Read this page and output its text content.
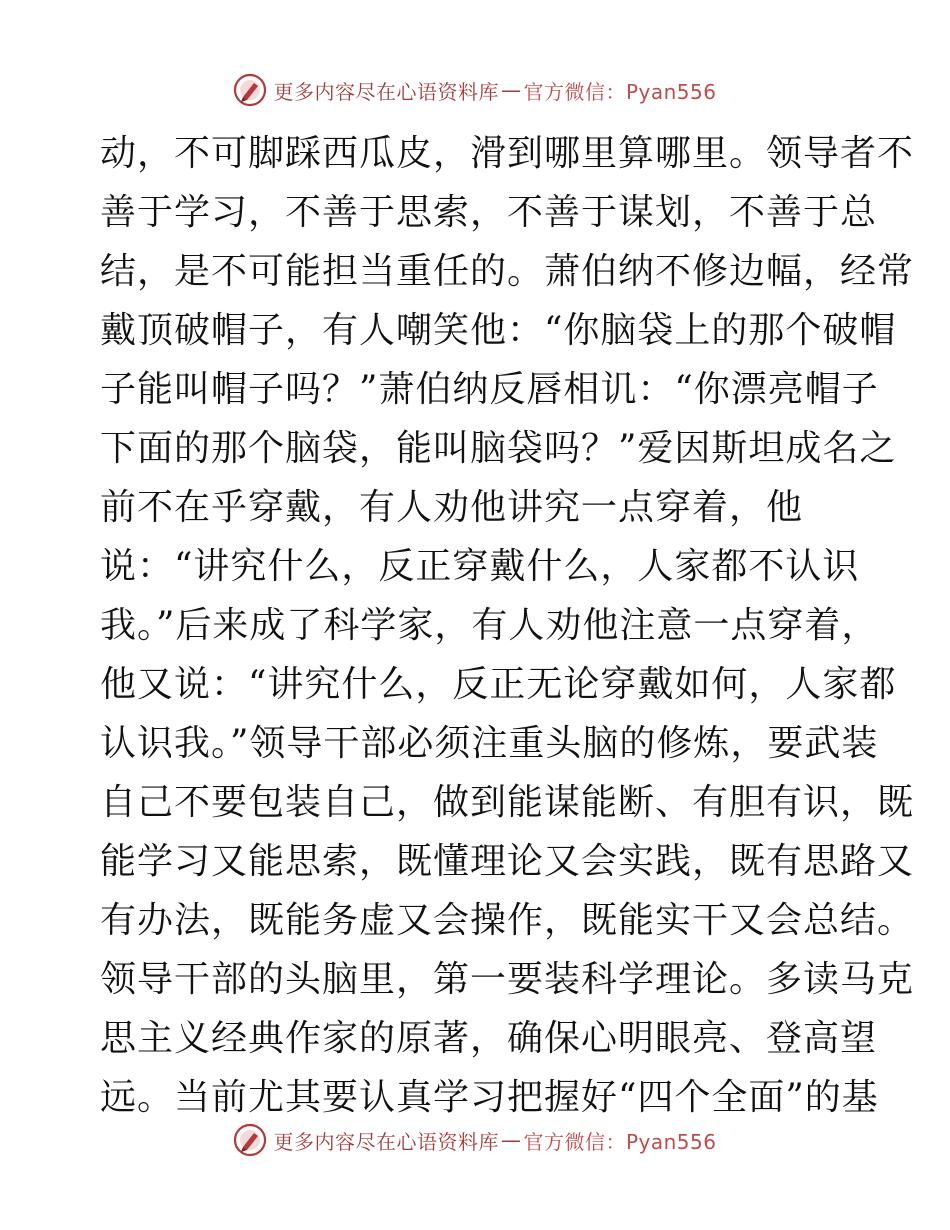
更多内容尽在心语资料库 — 官方微信：Pyan556
动，不可脚踩西瓜皮，滑到哪里算哪里。领导者不
善于学习，不善于思索，不善于谋划，不善于总
结，是不可能担当重任的。萧伯纳不修边幅，经常
戴顶破帽子，有人嘲笑他：“你脑袋上的那个破帽
子能叫帽子吗？”萧伯纳反唇相讥：“你漂亮帽子
下面的那个脑袋，能叫脑袋吗？”爱因斯坦成名之
前不在乎穿戴，有人劝他讲究一点穿着，他
说：“讲究什么，反正穿戴什么，人家都不认识
我。”后来成了科学家，有人劝他注意一点穿着，
他又说：“讲究什么，反正无论穿戴如何，人家都
认识我。”领导干部必须注重头脑的修炼，要武装
自己不要包装自己，做到能谋能断、有胆有识，既
能学习又能思索，既懂理论又会实践，既有思路又
有办法，既能务虚又会操作，既能实干又会总结。
领导干部的头脑里，第一要装科学理论。多读马克
思主义经典作家的原著，确保心明眼亮、登高望
远。当前尤其要认真学习把握好“四个全面”的基
更多内容尽在心语资料库 — 官方微信：Pyan556
